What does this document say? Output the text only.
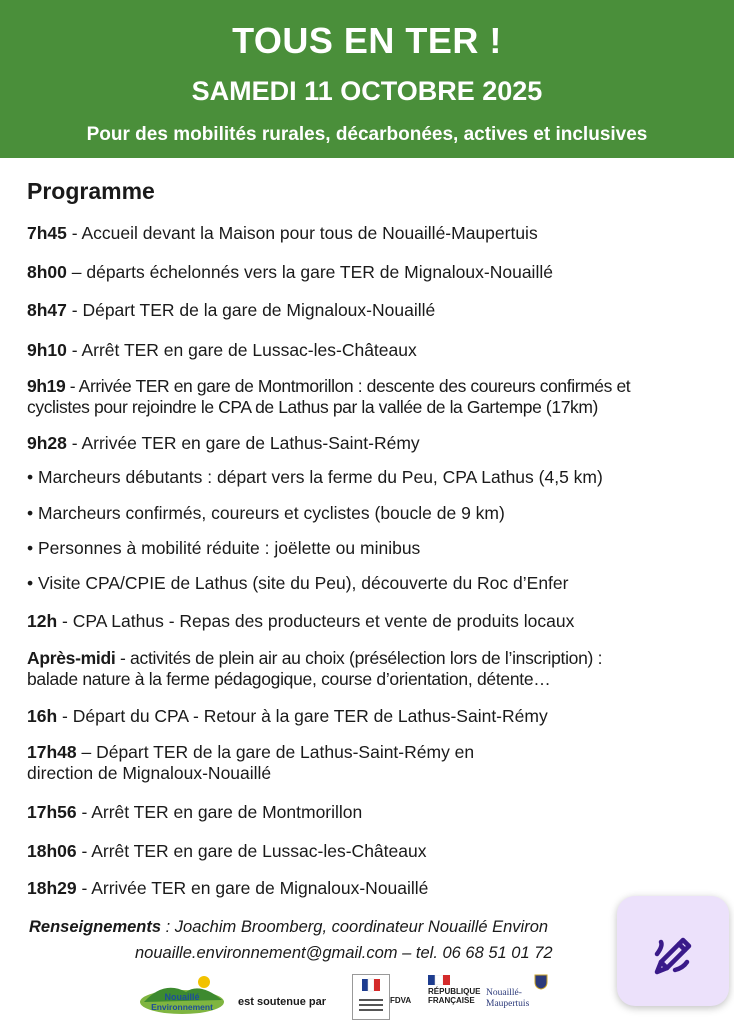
TOUS EN TER !
SAMEDI 11 OCTOBRE 2025
Pour des mobilités rurales, décarbonées, actives et inclusives
Programme
7h45 - Accueil devant la Maison pour tous de Nouaillé-Maupertuis
8h00 – départs échelonnés vers la gare TER de Mignaloux-Nouaillé
8h47 - Départ TER de la gare de Mignaloux-Nouaillé
9h10 - Arrêt TER en gare de Lussac-les-Châteaux
9h19 - Arrivée TER en gare de Montmorillon : descente des coureurs confirmés et
cyclistes pour rejoindre le CPA de Lathus par la vallée de la Gartempe (17km)
9h28 - Arrivée TER en gare de Lathus-Saint-Rémy
• Marcheurs débutants : départ vers la ferme du Peu, CPA Lathus (4,5 km)
• Marcheurs confirmés, coureurs et cyclistes (boucle de 9 km)
• Personnes à mobilité réduite : joëlette ou minibus
• Visite CPA/CPIE de Lathus (site du Peu), découverte du Roc d’Enfer
12h - CPA Lathus - Repas des producteurs et vente de produits locaux
Après-midi - activités de plein air au choix (présélection lors de l’inscription) :
balade nature à la ferme pédagogique, course d’orientation, détente…
16h - Départ du CPA - Retour à la gare TER de Lathus-Saint-Rémy
17h48 – Départ TER de la gare de Lathus-Saint-Rémy en
direction de Mignaloux-Nouaillé
17h56 - Arrêt TER en gare de Montmorillon
18h06 - Arrêt TER en gare de Lussac-les-Châteaux
18h29 - Arrivée TER en gare de Mignaloux-Nouaillé
Renseignements : Joachim Broomberg, coordinateur Nouaillé Environ
nouaille.environnement@gmail.com – tel. 06 68 51 01 72
Nouaillé
Environnement est soutenue par	FDVA
RÉPUBLIQUE
FRANÇAISE
Nouaillé-
Maupertuis
